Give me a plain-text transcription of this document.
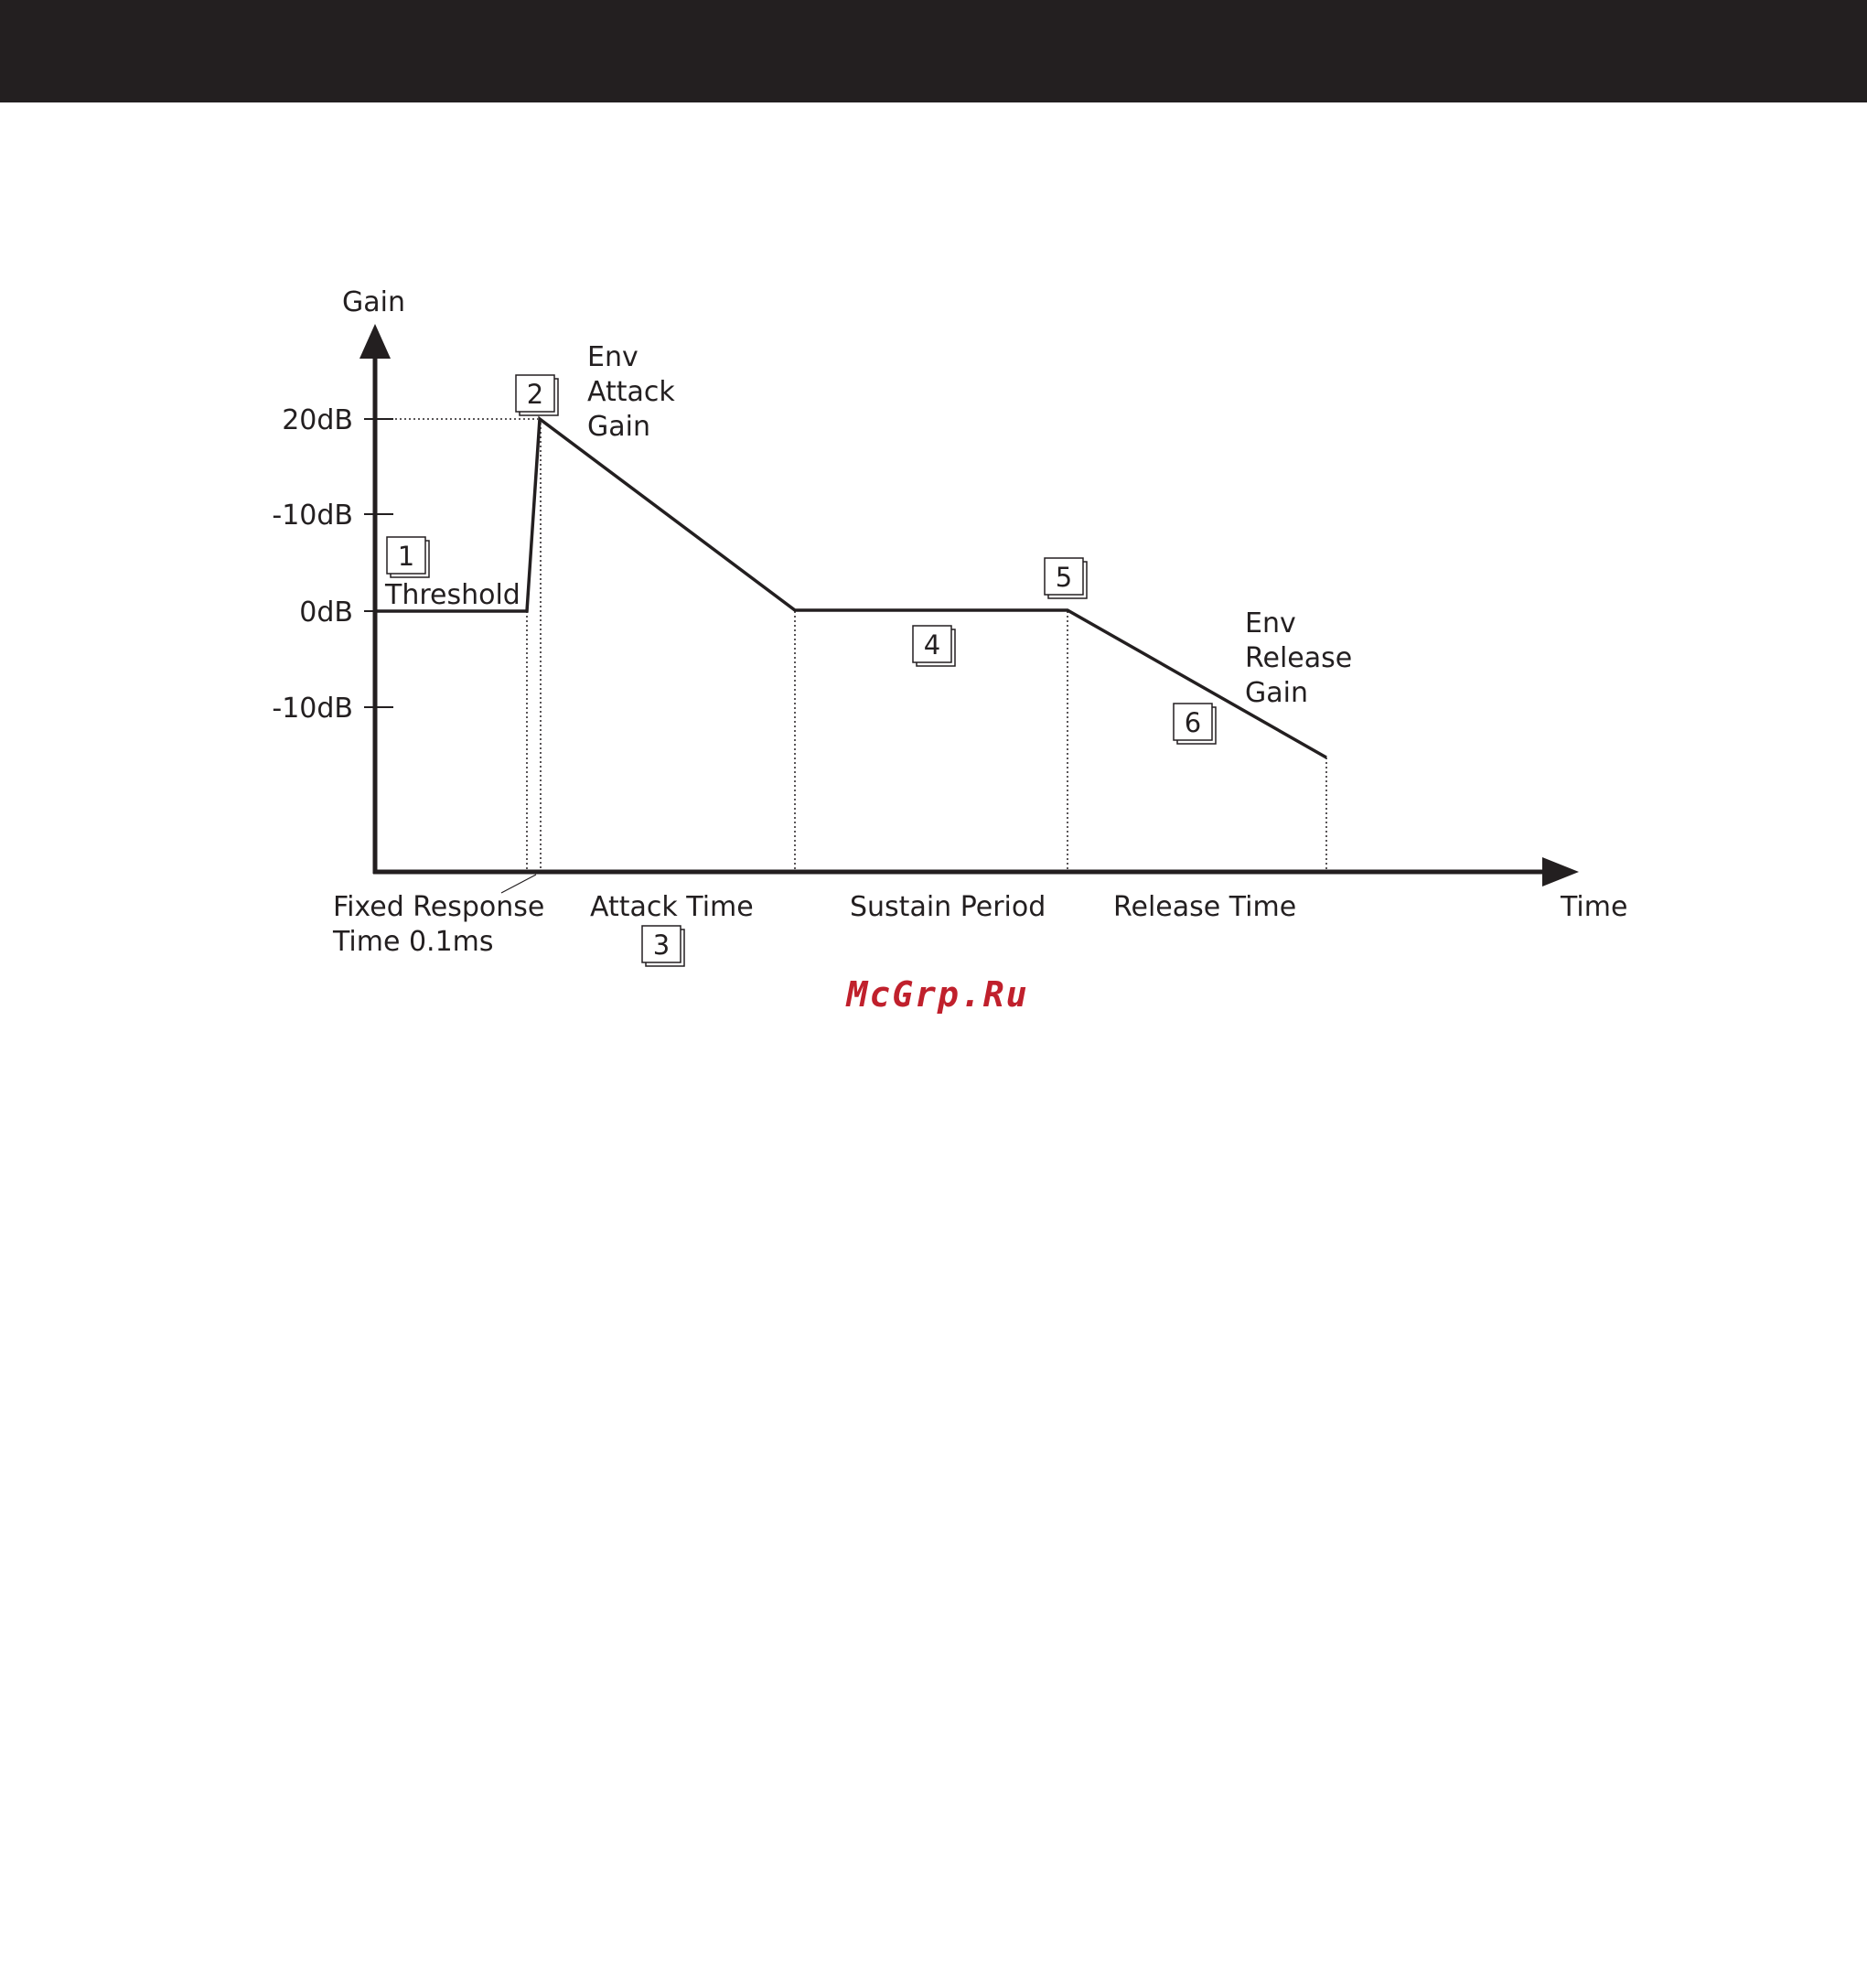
Gain
Time
20dB
-10dB
0dB
-10dB
Threshold
Env
Attack
Gain
Env
Release
Gain
Fixed Response
Time 0.1ms
Attack Time	Sustain Period Release Time
1
2
3
4
5
6
McGrp.Ru
